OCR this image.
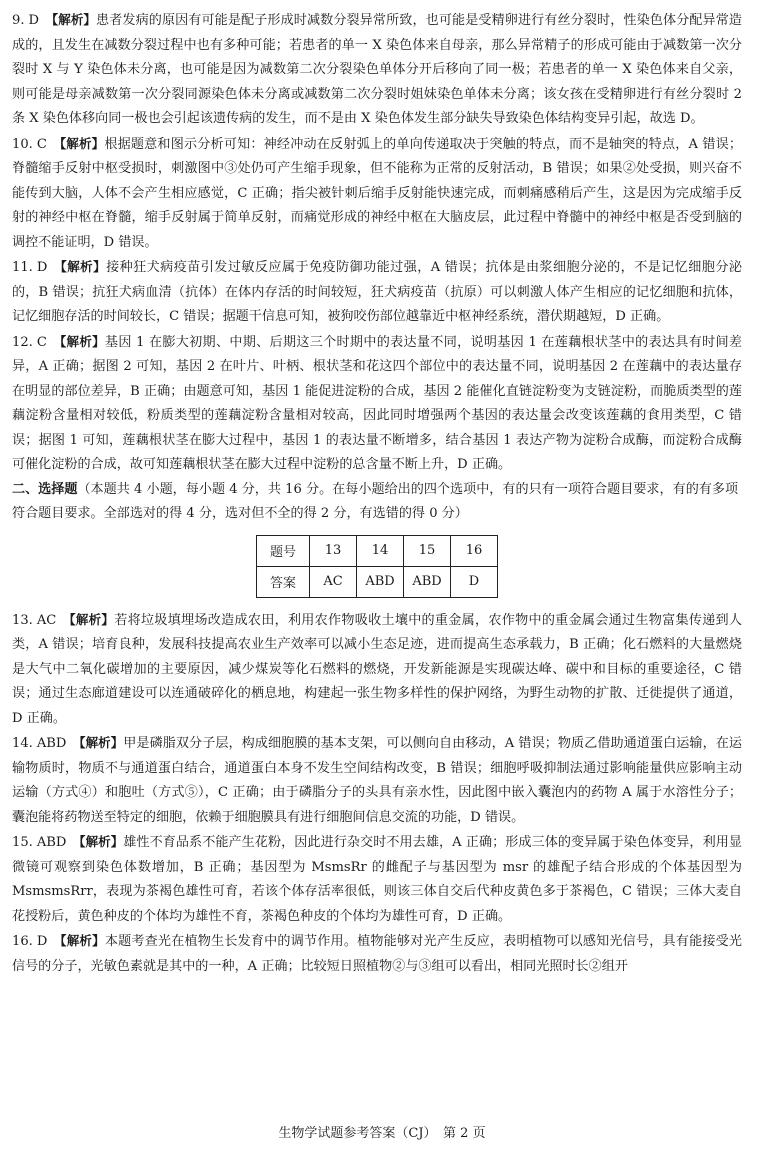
9. D  【解析】患者发病的原因有可能是配子形成时减数分裂异常所致，也可能是受精卵进行有丝分裂时，性染色体分配异常造成的，且发生在减数分裂过程中也有多种可能；若患者的单一 X 染色体来自母亲，那么异常精子的形成可能由于减数第一次分裂时 X 与 Y 染色体未分离，也可能是因为减数第二次分裂染色单体分开后移向了同一极；若患者的单一 X 染色体来自父亲，则可能是母亲减数第一次分裂同源染色体未分离或减数第二次分裂时姐妹染色单体未分离；该女孩在受精卵进行有丝分裂时 2 条 X 染色体移向同一极也会引起该遗传病的发生，而不是由 X 染色体发生部分缺失导致染色体结构变异引起，故选 D。

10. C  【解析】根据题意和图示分析可知：神经冲动在反射弧上的单向传递取决于突触的特点，而不是轴突的特点，A 错误；脊髓缩手反射中枢受损时，刺激图中③处仍可产生缩手现象，但不能称为正常的反射活动，B 错误；如果②处受损，则兴奋不能传到大脑，人体不会产生相应感觉，C 正确；指尖被针刺后缩手反射能快速完成，而刺痛感稍后产生，这是因为完成缩手反射的神经中枢在脊髓，缩手反射属于简单反射，而痛觉形成的神经中枢在大脑皮层，此过程中脊髓中的神经中枢是否受到脑的调控不能证明，D 错误。

11. D  【解析】接种狂犬病疫苗引发过敏反应属于免疫防御功能过强，A 错误；抗体是由浆细胞分泌的，不是记忆细胞分泌的，B 错误；抗狂犬病血清（抗体）在体内存活的时间较短，狂犬病疫苗（抗原）可以刺激人体产生相应的记忆细胞和抗体，记忆细胞存活的时间较长，C 错误；据题干信息可知，被狗咬伤部位越靠近中枢神经系统，潜伏期越短，D 正确。

12. C  【解析】基因 1 在膨大初期、中期、后期这三个时期中的表达量不同，说明基因 1 在莲藕根状茎中的表达具有时间差异，A 正确；据图 2 可知，基因 2 在叶片、叶柄、根状茎和花这四个部位中的表达量不同，说明基因 2 在莲藕中的表达量存在明显的部位差异，B 正确；由题意可知，基因 1 能促进淀粉的合成，基因 2 能催化直链淀粉变为支链淀粉，而脆质类型的莲藕淀粉含量相对较低，粉质类型的莲藕淀粉含量相对较高，因此同时增强两个基因的表达量会改变该莲藕的食用类型，C 错误；据图 1 可知，莲藕根状茎在膨大过程中，基因 1 的表达量不断增多，结合基因 1 表达产物为淀粉合成酶，而淀粉合成酶可催化淀粉的合成，故可知莲藕根状茎在膨大过程中淀粉的总含量不断上升，D 正确。

二、选择题（本题共 4 小题，每小题 4 分，共 16 分。在每小题给出的四个选项中，有的只有一项符合题目要求，有的有多项符合题目要求。全部选对的得 4 分，选对但不全的得 2 分，有选错的得 0 分）

题号	13	14	15	16
答案	AC	ABD	ABD	D

13. AC  【解析】若将垃圾填埋场改造成农田，利用农作物吸收土壤中的重金属，农作物中的重金属会通过生物富集传递到人类，A 错误；培育良种，发展科技提高农业生产效率可以减小生态足迹，进而提高生态承载力，B 正确；化石燃料的大量燃烧是大气中二氧化碳增加的主要原因，减少煤炭等化石燃料的燃烧，开发新能源是实现碳达峰、碳中和目标的重要途径，C 错误；通过生态廊道建设可以连通破碎化的栖息地，构建起一张生物多样性的保护网络，为野生动物的扩散、迁徙提供了通道，D 正确。

14. ABD  【解析】甲是磷脂双分子层，构成细胞膜的基本支架，可以侧向自由移动，A 错误；物质乙借助通道蛋白运输，在运输物质时，物质不与通道蛋白结合，通道蛋白本身不发生空间结构改变，B 错误；细胞呼吸抑制法通过影响能量供应影响主动运输（方式④）和胞吐（方式⑤），C 正确；由于磷脂分子的头具有亲水性，因此图中嵌入囊泡内的药物 A 属于水溶性分子；囊泡能将药物送至特定的细胞，依赖于细胞膜具有进行细胞间信息交流的功能，D 错误。

15. ABD  【解析】雄性不育品系不能产生花粉，因此进行杂交时不用去雄，A 正确；形成三体的变异属于染色体变异，利用显微镜可观察到染色体数增加，B 正确；基因型为 MsmsRr 的雌配子与基因型为 msr 的雄配子结合形成的个体基因型为 MsmsmsRrr，表现为茶褐色雄性可育，若该个体存活率很低，则该三体自交后代种皮黄色多于茶褐色，C 错误；三体大麦自花授粉后，黄色种皮的个体均为雄性不育，茶褐色种皮的个体均为雄性可育，D 正确。

16. D  【解析】本题考查光在植物生长发育中的调节作用。植物能够对光产生反应，表明植物可以感知光信号，具有能接受光信号的分子，光敏色素就是其中的一种，A 正确；比较短日照植物②与③组可以看出，相同光照时长②组开

生物学试题参考答案（CJ）　第 2 页
